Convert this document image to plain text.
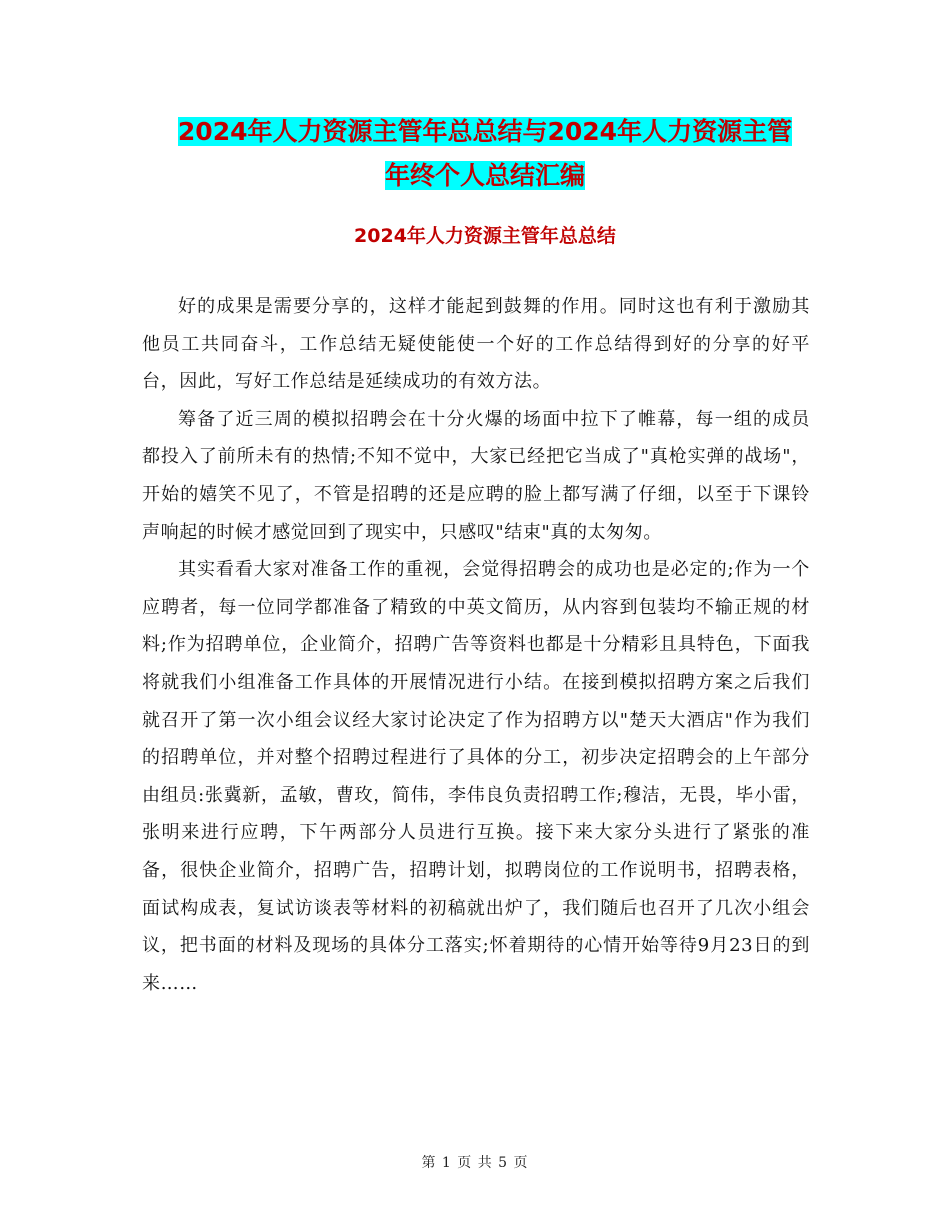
2024年人力资源主管年总总结与2024年人力资源主管
年终个人总结汇编
2024年人力资源主管年总总结

好的成果是需要分享的，这样才能起到鼓舞的作用。同时这也有利于激励其他员工共同奋斗，工作总结无疑使能使一个好的工作总结得到好的分享的好平台，因此，写好工作总结是延续成功的有效方法。

筹备了近三周的模拟招聘会在十分火爆的场面中拉下了帷幕，每一组的成员都投入了前所未有的热情;不知不觉中，大家已经把它当成了"真枪实弹的战场"，开始的嬉笑不见了，不管是招聘的还是应聘的脸上都写满了仔细，以至于下课铃声响起的时候才感觉回到了现实中，只感叹"结束"真的太匆匆。

其实看看大家对准备工作的重视，会觉得招聘会的成功也是必定的;作为一个应聘者，每一位同学都准备了精致的中英文简历，从内容到包装均不输正规的材料;作为招聘单位，企业简介，招聘广告等资料也都是十分精彩且具特色，下面我将就我们小组准备工作具体的开展情况进行小结。在接到模拟招聘方案之后我们就召开了第一次小组会议经大家讨论决定了作为招聘方以"楚天大酒店"作为我们的招聘单位，并对整个招聘过程进行了具体的分工，初步决定招聘会的上午部分由组员:张冀新，孟敏，曹玫，简伟，李伟良负责招聘工作;穆洁，无畏，毕小雷，张明来进行应聘，下午两部分人员进行互换。接下来大家分头进行了紧张的准备，很快企业简介，招聘广告，招聘计划，拟聘岗位的工作说明书，招聘表格，面试构成表，复试访谈表等材料的初稿就出炉了，我们随后也召开了几次小组会议，把书面的材料及现场的具体分工落实;怀着期待的心情开始等待9月23日的到来……

第 1 页 共 5 页
